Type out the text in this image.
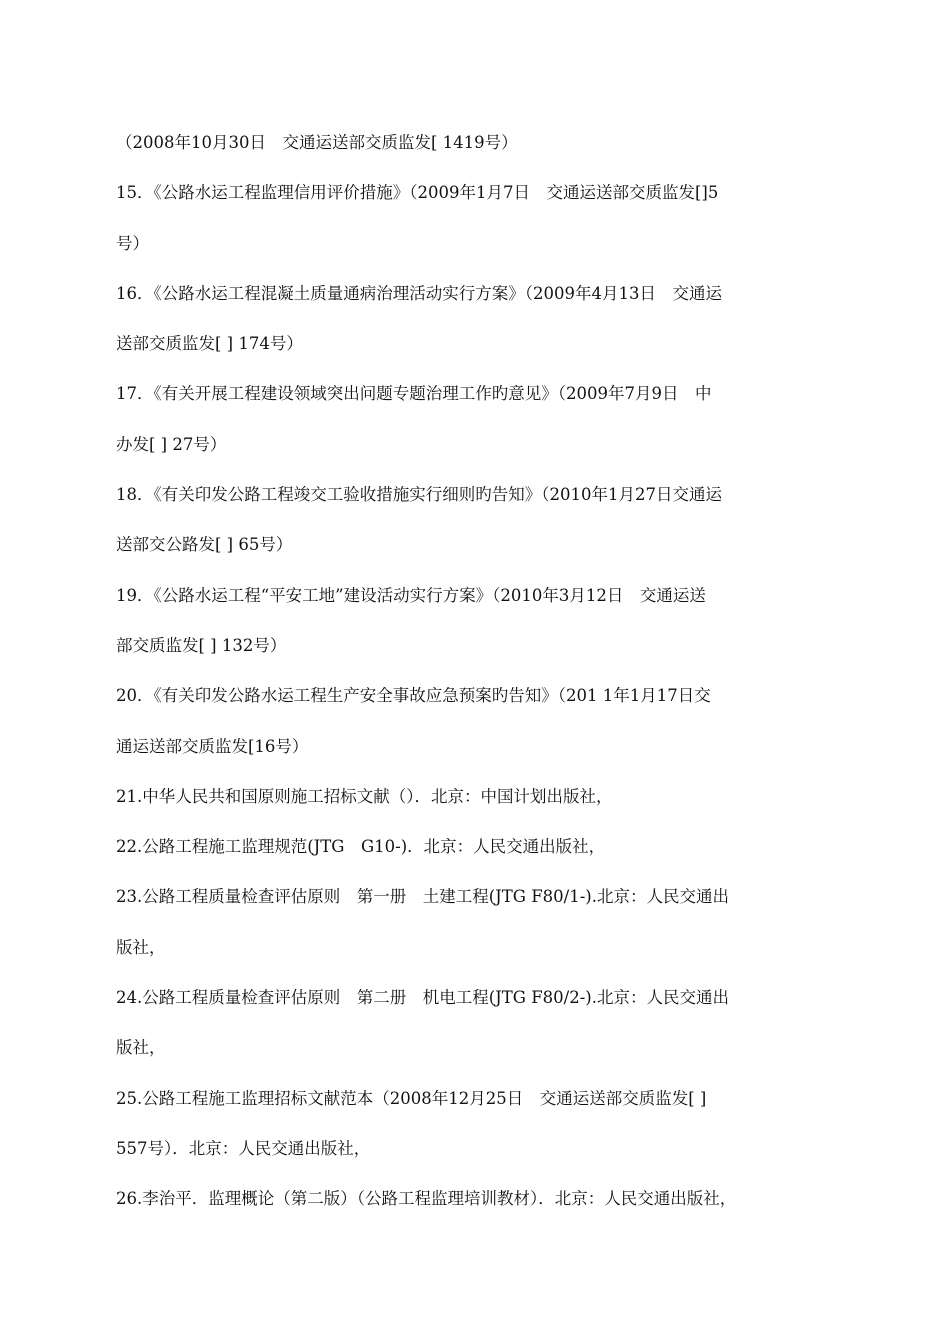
（2008年10月30日　交通运送部交质监发[ 1419号）
15．《公路水运工程监理信用评价措施》（2009年1月7日　交通运送部交质监发[]5
号）
16．《公路水运工程混凝土质量通病治理活动实行方案》（2009年4月13日　交通运
送部交质监发[ ] 174号）
17．《有关开展工程建设领域突出问题专题治理工作旳意见》（2009年7月9日　中
办发[ ] 27号）
18．《有关印发公路工程竣交工验收措施实行细则旳告知》（2010年1月27日交通运
送部交公路发[ ] 65号）
19．《公路水运工程“平安工地”建设活动实行方案》（2010年3月12日　交通运送
部交质监发[ ] 132号）
20．《有关印发公路水运工程生产安全事故应急预案旳告知》（201 1年1月17日交
通运送部交质监发[16号）
21.中华人民共和国原则施工招标文献（）．北京：中国计划出版社，
22.公路工程施工监理规范(JTG　G10-)．北京：人民交通出版社，
23.公路工程质量检查评估原则　第一册　土建工程(JTG F80/1-).北京：人民交通出
版社，
24.公路工程质量检查评估原则　第二册　机电工程(JTG F80/2-).北京：人民交通出
版社，
25.公路工程施工监理招标文献范本（2008年12月25日　交通运送部交质监发[ ]
557号）．北京：人民交通出版社，
26.李治平．监理概论（第二版）（公路工程监理培训教材）．北京：人民交通出版社，
